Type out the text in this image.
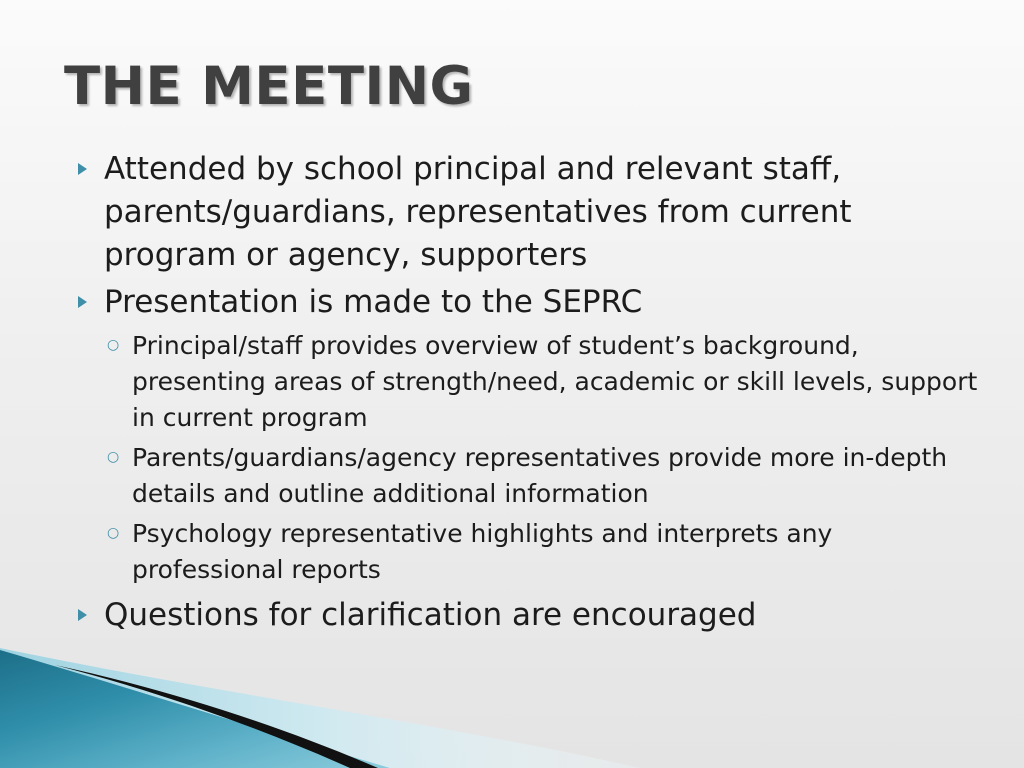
THE MEETING
Attended by school principal and relevant staff, parents/guardians, representatives from current program or agency, supporters
Presentation is made to the SEPRC
○ Principal/staff provides overview of student’s background, presenting areas of strength/need, academic or skill levels, support in current program
○ Parents/guardians/agency representatives provide more in-depth details and outline additional information
○ Psychology representative highlights and interprets any professional reports
Questions for clarification are encouraged
